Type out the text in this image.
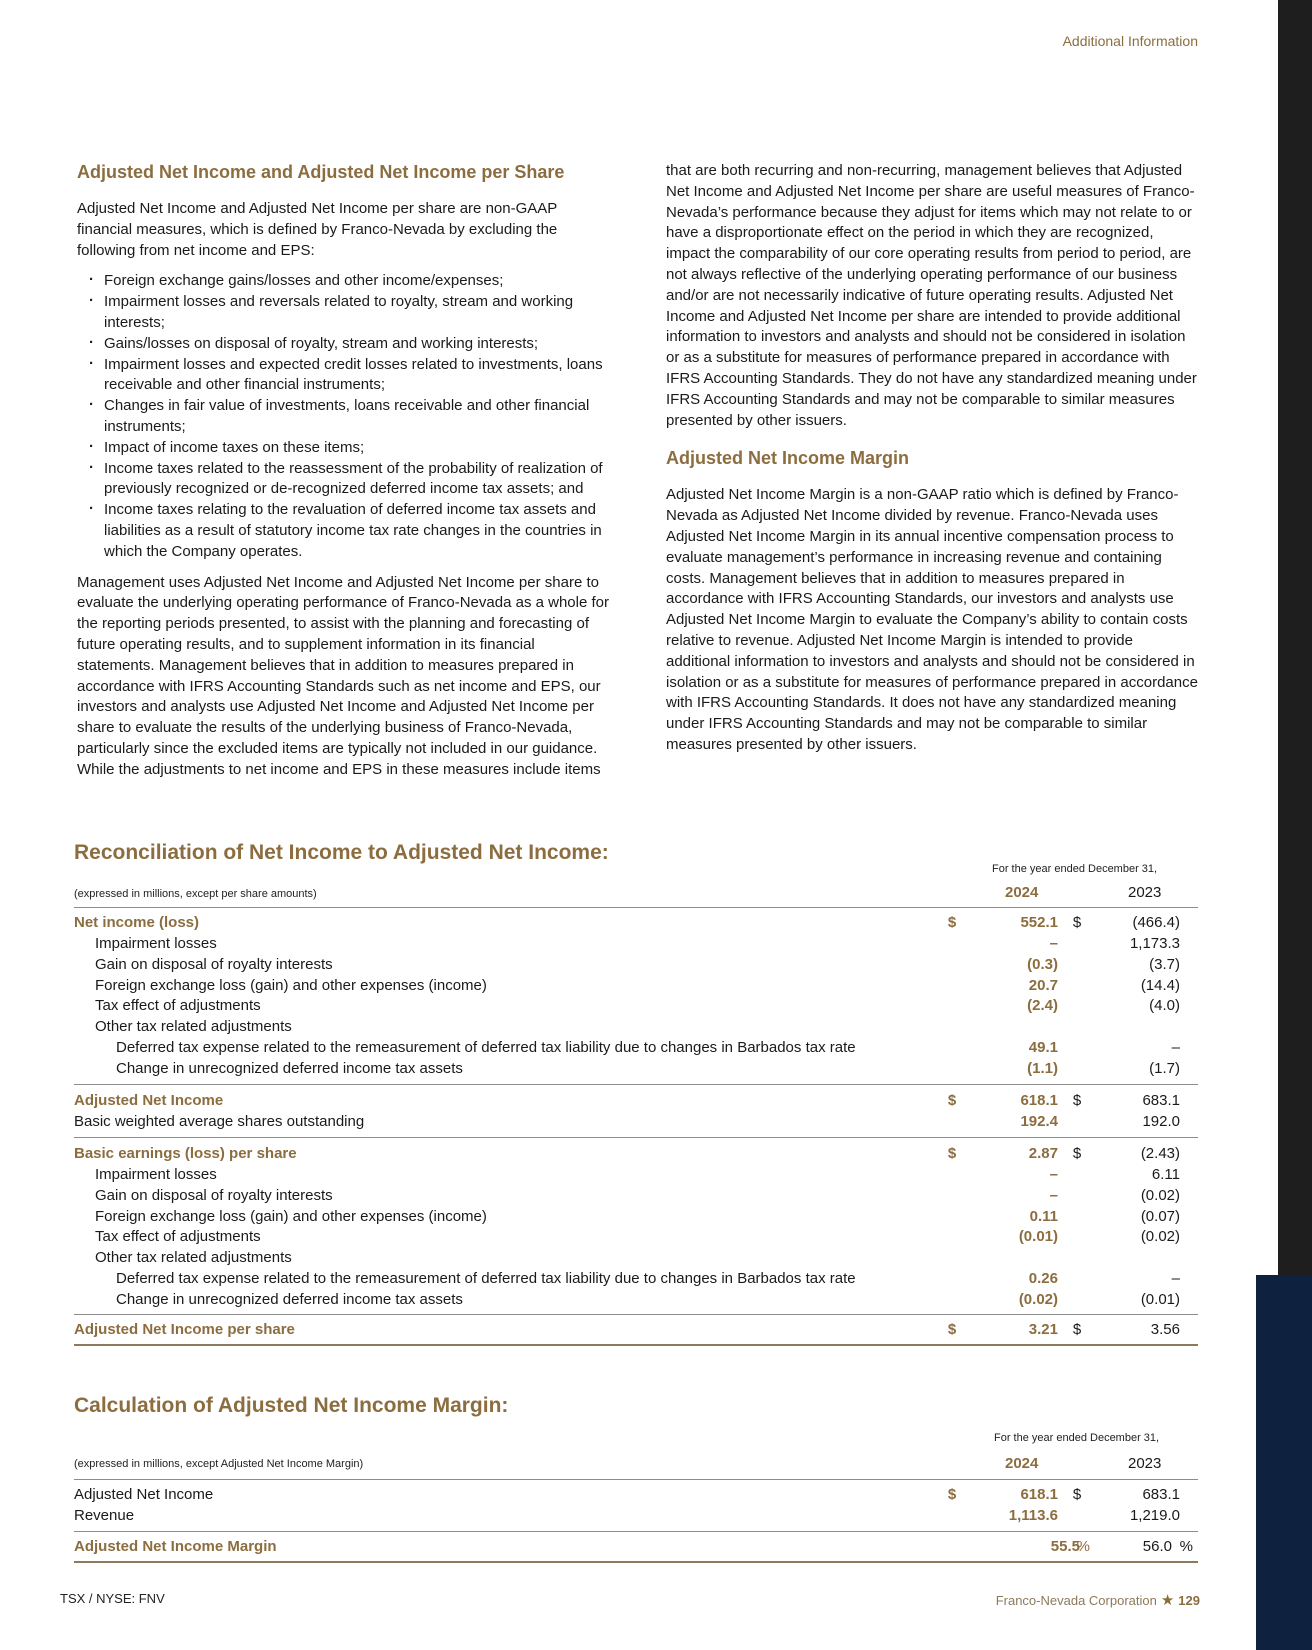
Additional Information
Adjusted Net Income and Adjusted Net Income per Share

Adjusted Net Income and Adjusted Net Income per share are non-GAAP financial measures, which is defined by Franco-Nevada by excluding the following from net income and EPS:

· Foreign exchange gains/losses and other income/expenses;
· Impairment losses and reversals related to royalty, stream and working interests;
· Gains/losses on disposal of royalty, stream and working interests;
· Impairment losses and expected credit losses related to investments, loans receivable and other financial instruments;
· Changes in fair value of investments, loans receivable and other financial instruments;
· Impact of income taxes on these items;
· Income taxes related to the reassessment of the probability of realization of previously recognized or de-recognized deferred income tax assets; and
· Income taxes relating to the revaluation of deferred income tax assets and liabilities as a result of statutory income tax rate changes in the countries in which the Company operates.

Management uses Adjusted Net Income and Adjusted Net Income per share to evaluate the underlying operating performance of Franco-Nevada as a whole for the reporting periods presented, to assist with the planning and forecasting of future operating results, and to supplement information in its financial statements. Management believes that in addition to measures prepared in accordance with IFRS Accounting Standards such as net income and EPS, our investors and analysts use Adjusted Net Income and Adjusted Net Income per share to evaluate the results of the underlying business of Franco-Nevada, particularly since the excluded items are typically not included in our guidance. While the adjustments to net income and EPS in these measures include items

that are both recurring and non-recurring, management believes that Adjusted Net Income and Adjusted Net Income per share are useful measures of Franco-Nevada’s performance because they adjust for items which may not relate to or have a disproportionate effect on the period in which they are recognized, impact the comparability of our core operating results from period to period, are not always reflective of the underlying operating performance of our business and/or are not necessarily indicative of future operating results. Adjusted Net Income and Adjusted Net Income per share are intended to provide additional information to investors and analysts and should not be considered in isolation or as a substitute for measures of performance prepared in accordance with IFRS Accounting Standards. They do not have any standardized meaning under IFRS Accounting Standards and may not be comparable to similar measures presented by other issuers.

Adjusted Net Income Margin

Adjusted Net Income Margin is a non-GAAP ratio which is defined by Franco-Nevada as Adjusted Net Income divided by revenue. Franco-Nevada uses Adjusted Net Income Margin in its annual incentive compensation process to evaluate management’s performance in increasing revenue and containing costs. Management believes that in addition to measures prepared in accordance with IFRS Accounting Standards, our investors and analysts use Adjusted Net Income Margin to evaluate the Company’s ability to contain costs relative to revenue. Adjusted Net Income Margin is intended to provide additional information to investors and analysts and should not be considered in isolation or as a substitute for measures of performance prepared in accordance with IFRS Accounting Standards. It does not have any standardized meaning under IFRS Accounting Standards and may not be comparable to similar measures presented by other issuers.

Reconciliation of Net Income to Adjusted Net Income:
For the year ended December 31,
(expressed in millions, except per share amounts)	2024	2023
Net income (loss)	$	552.1 $	(466.4)
Impairment losses	–	1,173.3
Gain on disposal of royalty interests	(0.3)	(3.7)
Foreign exchange loss (gain) and other expenses (income)	20.7	(14.4)
Tax effect of adjustments	(2.4)	(4.0)
Other tax related adjustments
Deferred tax expense related to the remeasurement of deferred tax liability due to changes in Barbados tax rate	49.1	–
Change in unrecognized deferred income tax assets	(1.1)	(1.7)
Adjusted Net Income	$	618.1 $	683.1
Basic weighted average shares outstanding	192.4	192.0
Basic earnings (loss) per share	$	2.87 $	(2.43)
Impairment losses	–	6.11
Gain on disposal of royalty interests	–	(0.02)
Foreign exchange loss (gain) and other expenses (income)	0.11	(0.07)
Tax effect of adjustments	(0.01)	(0.02)
Other tax related adjustments
Deferred tax expense related to the remeasurement of deferred tax liability due to changes in Barbados tax rate	0.26	–
Change in unrecognized deferred income tax assets	(0.02)	(0.01)
Adjusted Net Income per share	$	3.21 $	3.56
Calculation of Adjusted Net Income Margin:
For the year ended December 31,
(expressed in millions, except Adjusted Net Income Margin)	2024	2023
Adjusted Net Income	$	618.1 $	683.1
Revenue	1,113.6	1,219.0
Adjusted Net Income Margin	55.5	56.0
%	%
TSX / NYSE: FNV	Franco-Nevada Corporation ★ 129
